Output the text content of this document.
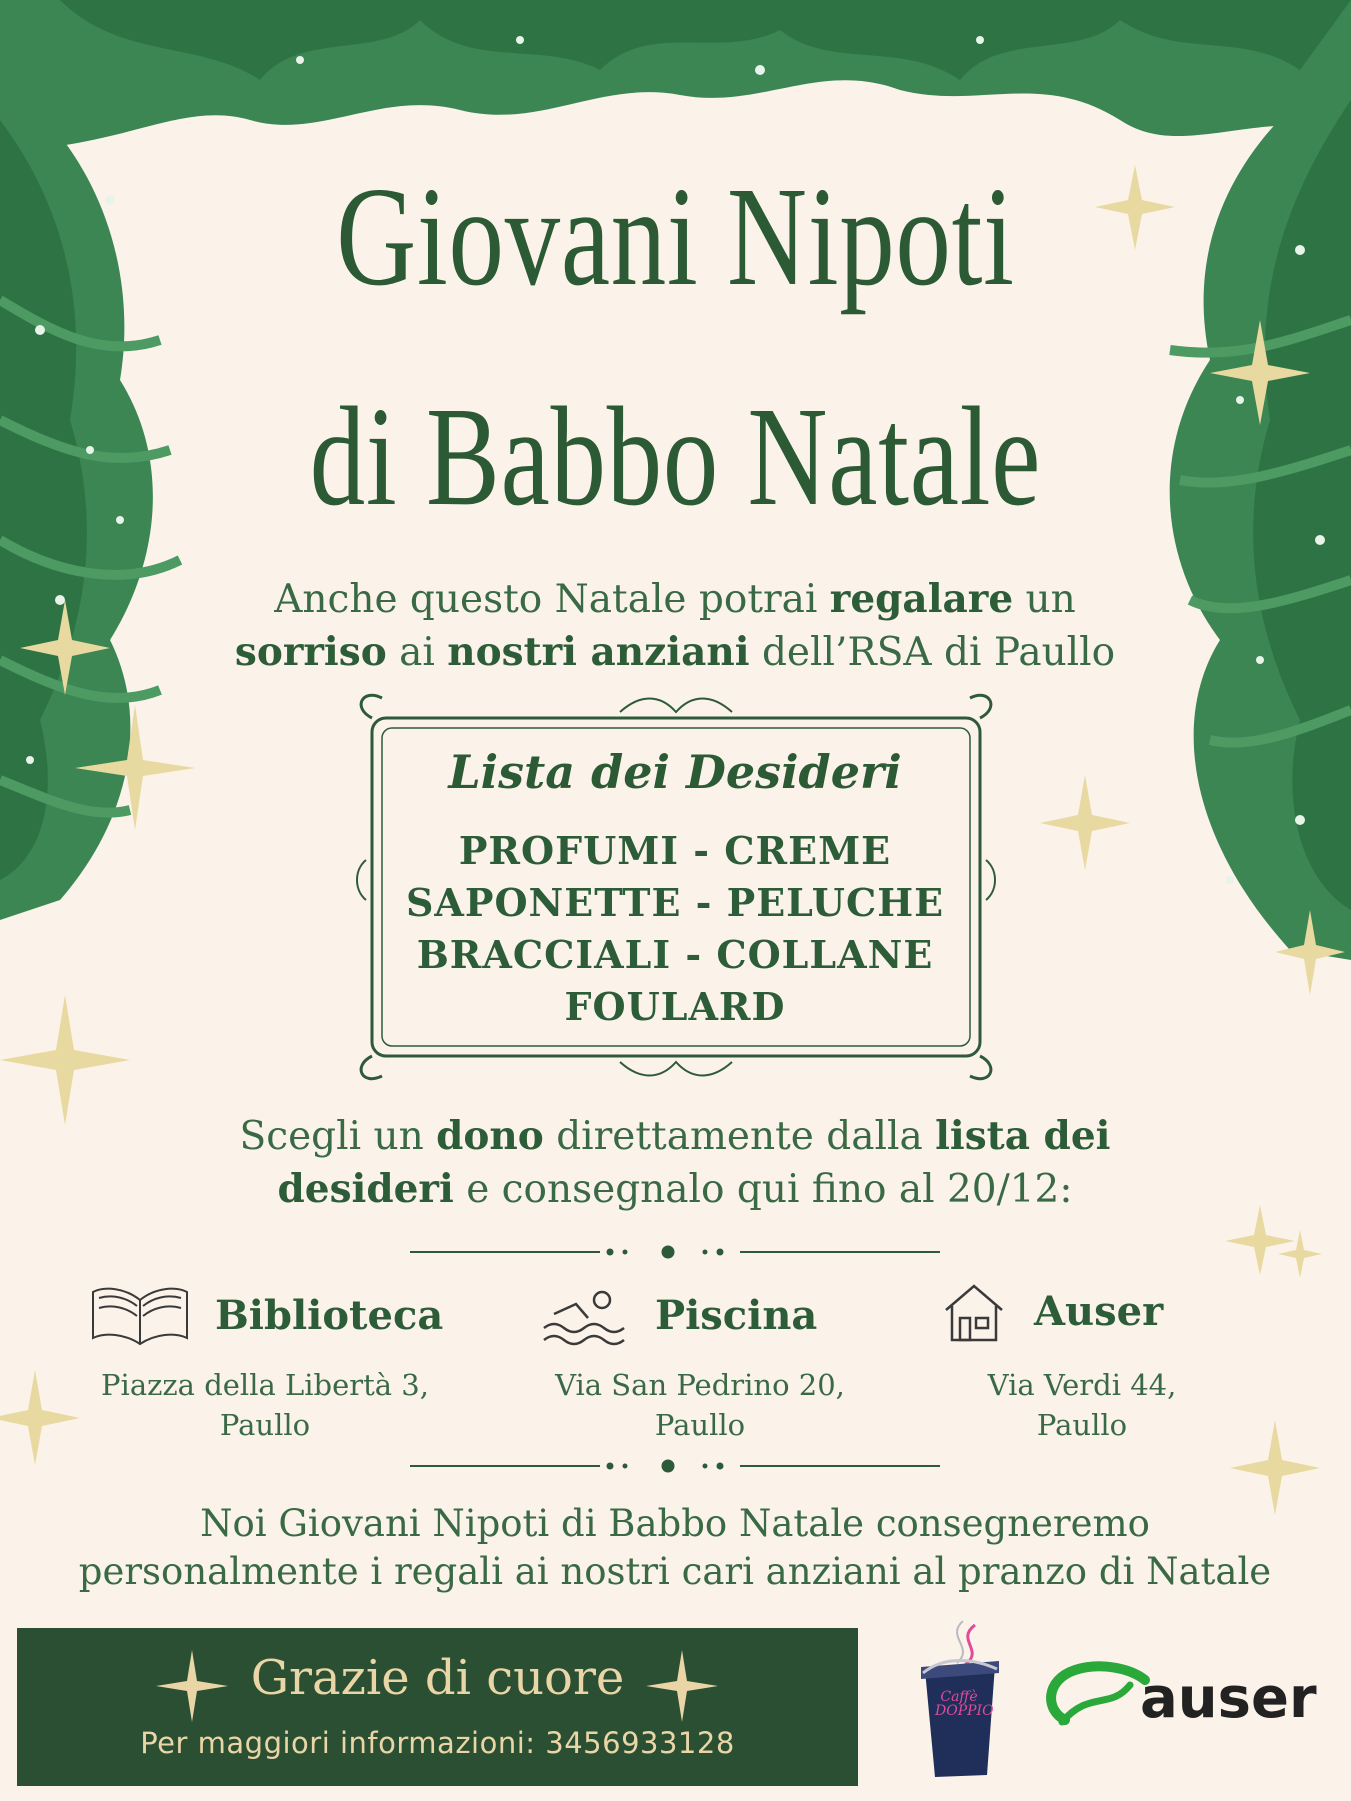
Giovani Nipoti
di Babbo Natale
Anche questo Natale potrai regalare un
sorriso ai nostri anziani dell’RSA di Paullo
Lista dei Desideri
PROFUMI - CREME
SAPONETTE - PELUCHE
BRACCIALI - COLLANE
FOULARD
Scegli un dono direttamente dalla lista dei
desideri e consegnalo qui fino al 20/12:
Biblioteca
Piazza della Libertà 3,
Paullo
Piscina
Via San Pedrino 20,
Paullo
Auser
Via Verdi 44,
Paullo
Noi Giovani Nipoti di Babbo Natale consegneremo
personalmente i regali ai nostri cari anziani al pranzo di Natale
Grazie di cuore
Per maggiori informazioni: 3456933128
Caffè DOPPIO	auser
